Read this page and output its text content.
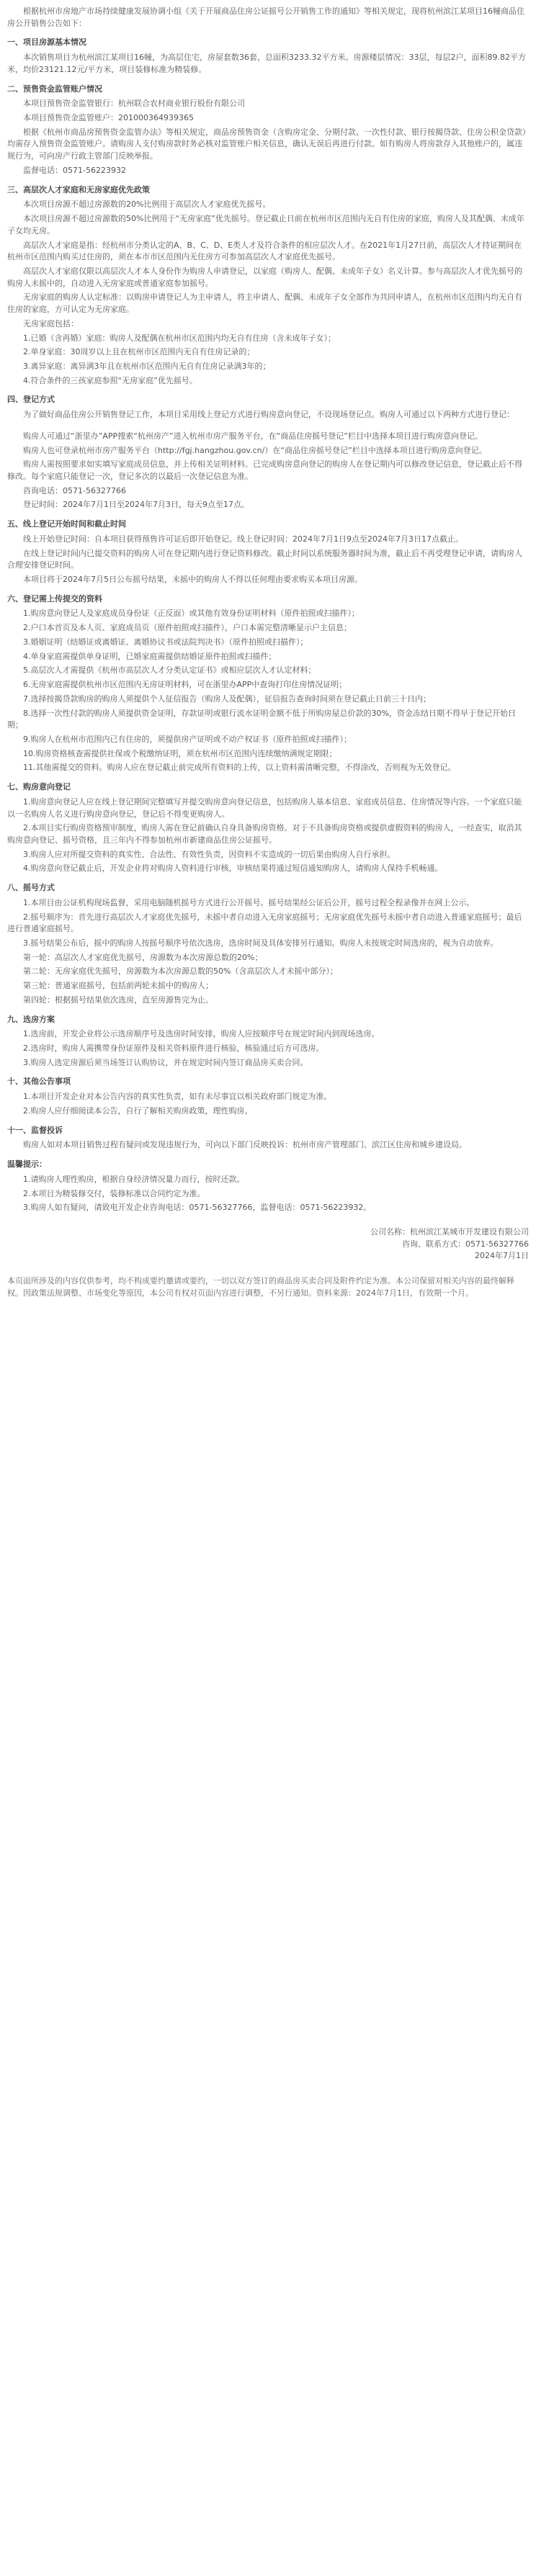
根据杭州市房地产市场持续健康发展协调小组《关于开展商品住房公证摇号公开销售工作的通知》等相关规定，现将杭州滨江某项目16幢商品住房公开销售公告如下：

一、项目房源基本情况

本次销售项目为杭州滨江某项目16幢，为高层住宅，房屋套数36套，总面积3233.32平方米。房源楼层情况：33层，每层2户，面积89.82平方米，均价23121.12元/平方米，项目装修标准为精装修。

二、预售资金监管账户情况

本项目预售资金监管银行：杭州联合农村商业银行股份有限公司

本项目预售资金监管账户：201000364939365

根据《杭州市商品房预售资金监管办法》等相关规定，商品房预售资金（含购房定金、分期付款、一次性付款、银行按揭贷款、住房公积金贷款）均需存入预售资金监管账户。请购房人支付购房款时务必核对监管账户相关信息，确认无误后再进行付款。如有购房人将房款存入其他账户的，属违规行为，可向房产行政主管部门反映举报。

监督电话：0571-56223932

三、高层次人才家庭和无房家庭优先政策

本次项目房源不超过房源数的20%比例用于高层次人才家庭优先摇号。

本次项目房源不超过房源数的50%比例用于“无房家庭”优先摇号。登记截止日前在杭州市区范围内无自有住房的家庭，购房人及其配偶、未成年子女均无房。

高层次人才家庭是指：经杭州市分类认定的A、B、C、D、E类人才及符合条件的相应层次人才。在2021年1月27日前，高层次人才持证期间在杭州市区范围内购买过住房的，须在本市市区范围内无住房方可参加高层次人才家庭优先摇号。

高层次人才家庭仅限以高层次人才本人身份作为购房人申请登记，以家庭（购房人、配偶、未成年子女）名义计算。参与高层次人才优先摇号的购房人未摇中的，自动进入无房家庭或普通家庭参加摇号。

无房家庭的购房人认定标准：以购房申请登记人为主申请人，将主申请人、配偶、未成年子女全部作为共同申请人，在杭州市区范围内均无自有住房的家庭，方可认定为无房家庭。

无房家庭包括：

1.已婚（含再婚）家庭：购房人及配偶在杭州市区范围内均无自有住房（含未成年子女）；

2.单身家庭：30周岁以上且在杭州市区范围内无自有住房记录的；

3.离异家庭：离异满3年且在杭州市区范围内无自有住房记录满3年的；

4.符合条件的三孩家庭参照“无房家庭”优先摇号。

四、登记方式

为了做好商品住房公开销售登记工作，本项目采用线上登记方式进行购房意向登记，不设现场登记点。购房人可通过以下两种方式进行登记：

购房人可通过“浙里办”APP搜索“杭州房产”进入杭州市房产服务平台，在“商品住房摇号登记”栏目中选择本项目进行购房意向登记。

购房人也可登录杭州市房产服务平台（http://fgj.hangzhou.gov.cn/）在“商品住房摇号登记”栏目中选择本项目进行购房意向登记。

购房人需按照要求如实填写家庭成员信息，并上传相关证明材料。已完成购房意向登记的购房人在登记期内可以修改登记信息，登记截止后不得修改。每个家庭只能登记一次，登记多次的以最后一次登记信息为准。

咨询电话：0571-56327766

登记时间：2024年7月1日至2024年7月3日，每天9点至17点。

五、线上登记开始时间和截止时间

线上开始登记时间：自本项目获得预售许可证后即开始登记。线上登记时间：2024年7月1日9点至2024年7月3日17点截止。

在线上登记时间内已提交资料的购房人可在登记期内进行登记资料修改。截止时间以系统服务器时间为准，截止后不再受理登记申请，请购房人合理安排登记时间。

本项目将于2024年7月5日公布摇号结果，未摇中的购房人不得以任何理由要求购买本项目房源。

六、登记需上传提交的资料

1.购房意向登记人及家庭成员身份证（正反面）或其他有效身份证明材料（原件拍照或扫描件）；

2.户口本首页及本人页、家庭成员页（原件拍照或扫描件），户口本需完整清晰显示户主信息；

3.婚姻证明（结婚证或离婚证、离婚协议书或法院判决书）（原件拍照或扫描件）；

4.单身家庭需提供单身证明，已婚家庭需提供结婚证原件拍照或扫描件；

5.高层次人才需提供《杭州市高层次人才分类认定证书》或相应层次人才认定材料；

6.无房家庭需提供杭州市区范围内无房证明材料，可在浙里办APP中查询打印住房情况证明；

7.选择按揭贷款购房的购房人须提供个人征信报告（购房人及配偶），征信报告查询时间须在登记截止日前三十日内；

8.选择一次性付款的购房人须提供资金证明，存款证明或银行流水证明金额不低于所购房屋总价款的30%，资金冻结日期不得早于登记开始日期；

9.购房人在杭州市范围内已有住房的，须提供房产证明或不动产权证书（原件拍照或扫描件）；

10.购房资格核查需提供社保或个税缴纳证明，须在杭州市区范围内连续缴纳满规定期限；

11.其他需提交的资料。购房人应在登记截止前完成所有资料的上传，以上资料需清晰完整，不得涂改，否则视为无效登记。

七、购房意向登记

1.购房意向登记人应在线上登记期间完整填写并提交购房意向登记信息，包括购房人基本信息、家庭成员信息、住房情况等内容。一个家庭只能以一名购房人名义进行购房意向登记，登记后不得变更购房人。

2.本项目实行购房资格预审制度，购房人需在登记前确认自身具备购房资格。对于不具备购房资格或提供虚假资料的购房人，一经查实，取消其购房意向登记、摇号资格，且三年内不得参加杭州市新建商品住房公证摇号。

3.购房人应对所提交资料的真实性、合法性、有效性负责，因资料不实造成的一切后果由购房人自行承担。

4.购房意向登记截止后，开发企业将对购房人资料进行审核，审核结果将通过短信通知购房人，请购房人保持手机畅通。

八、摇号方式

1.本项目由公证机构现场监督，采用电脑随机摇号方式进行公开摇号。摇号结果经公证后公开，摇号过程全程录像并在网上公示。

2.摇号顺序为：首先进行高层次人才家庭优先摇号，未摇中者自动进入无房家庭摇号；无房家庭优先摇号未摇中者自动进入普通家庭摇号；最后进行普通家庭摇号。

3.摇号结果公布后，摇中的购房人按摇号顺序号依次选房，选房时间及具体安排另行通知。购房人未按规定时间选房的，视为自动放弃。

第一轮：高层次人才家庭优先摇号，房源数为本次房源总数的20%；

第二轮：无房家庭优先摇号，房源数为本次房源总数的50%（含高层次人才未摇中部分）；

第三轮：普通家庭摇号，包括前两轮未摇中的购房人；

第四轮：根据摇号结果依次选房，直至房源售完为止。

九、选房方案

1.选房前，开发企业将公示选房顺序号及选房时间安排，购房人应按顺序号在规定时间内到现场选房。

2.选房时，购房人需携带身份证原件及相关资料原件进行核验，核验通过后方可选房。

3.购房人选定房源后须当场签订认购协议，并在规定时间内签订商品房买卖合同。

十、其他公告事项

1.本项目开发企业对本公告内容的真实性负责，如有未尽事宜以相关政府部门规定为准。

2.购房人应仔细阅读本公告，自行了解相关购房政策，理性购房。

十一、监督投诉

购房人如对本项目销售过程有疑问或发现违规行为，可向以下部门反映投诉：杭州市房产管理部门、滨江区住房和城乡建设局。

温馨提示：

1.请购房人理性购房，根据自身经济情况量力而行，按时还款。

2.本项目为精装修交付，装修标准以合同约定为准。

3.购房人如有疑问，请致电开发企业咨询电话：0571-56327766，监督电话：0571-56223932。

公司名称：杭州滨江某城市开发建设有限公司

咨询、联系方式：0571-56327766

2024年7月1日

本页面所涉及的内容仅供参考，均不构成要约邀请或要约，一切以双方签订的商品房买卖合同及附件约定为准。本公司保留对相关内容的最终解释权。因政策法规调整、市场变化等原因，本公司有权对页面内容进行调整，不另行通知。资料来源：2024年7月1日，有效期一个月。
